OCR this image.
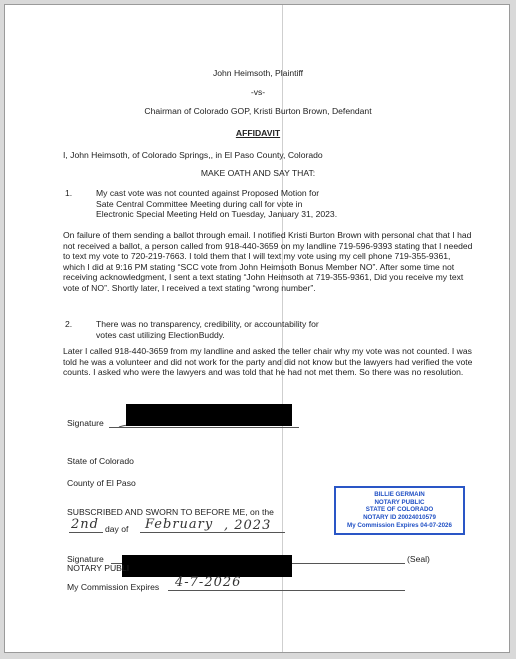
John Heimsoth, Plaintiff
-vs-
Chairman of Colorado GOP, Kristi Burton Brown, Defendant
AFFIDAVIT
I, John Heimsoth, of Colorado Springs,, in El Paso County, Colorado
MAKE OATH AND SAY THAT:
1.	My cast vote was not counted against Proposed Motion for
Sate Central Committee Meeting during call for vote in
Electronic Special Meeting Held on Tuesday, January 31, 2023.
On failure of them sending a ballot through email. I notified Kristi Burton Brown with personal chat that I had not received a ballot, a person called from 918-440-3659 on my landline 719-596-9393 stating that I needed to text my vote to 720-219-7663. I told them that I will text my vote using my cell phone 719-355-9361, which I did at 9:16 PM stating “SCC vote from John Heimsoth Bonus Member NO”. After some time not receiving acknowledgment, I sent a text stating “John Heimsoth at 719-355-9361, Did you receive my text vote of NO”. Shortly later, I received a text stating “wrong number”.
2.	There was no transparency, credibility, or accountability for
votes cast utilizing ElectionBuddy.
Later I called 918-440-3659 from my landline and asked the teller chair why my vote was not counted. I was told he was a volunteer and did not work for the party and did not know but the lawyers had verified the vote counts. I asked who were the lawyers and was told that he had not met them. So there was no resolution.
Signature
State of Colorado
County of El Paso
SUBSCRIBED AND SWORN TO BEFORE ME, on the
2nd day of February , 2023
Signature	(Seal)
NOTARY PUBLI
My Commission Expires 4-7-2026
BILLIE GERMAIN
NOTARY PUBLIC
STATE OF COLORADO
NOTARY ID 20024010579
My Commission Expires 04-07-2026
